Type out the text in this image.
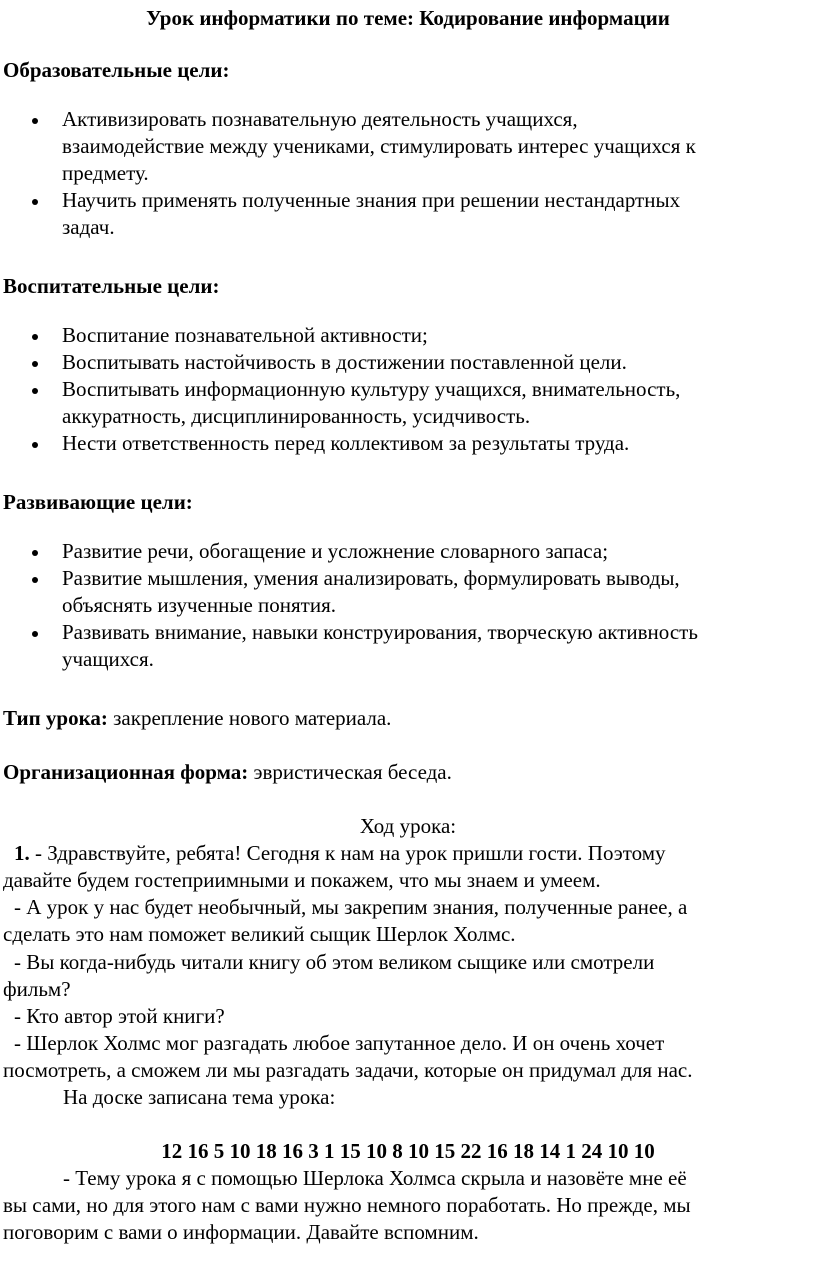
Урок информатики по теме: Кодирование информации
Образовательные цели:
Активизировать познавательную деятельность учащихся,
взаимодействие между учениками, стимулировать интерес учащихся к
предмету.
Научить применять полученные знания при решении нестандартных
задач.
Воспитательные цели:
Воспитание познавательной активности;
Воспитывать настойчивость в достижении поставленной цели.
Воспитывать информационную культуру учащихся, внимательность,
аккуратность, дисциплинированность, усидчивость.
Нести ответственность перед коллективом за результаты труда.
Развивающие цели:
Развитие речи, обогащение и усложнение словарного запаса;
Развитие мышления, умения анализировать, формулировать выводы,
объяснять изученные понятия.
Развивать внимание, навыки конструирования, творческую активность
учащихся.
Тип урока: закрепление нового материала.
Организационная форма: эвристическая беседа.
Ход урока:
1. - Здравствуйте, ребята! Сегодня к нам на урок пришли гости. Поэтому
давайте будем гостеприимными и покажем, что мы знаем и умеем.
- А урок у нас будет необычный, мы закрепим знания, полученные ранее, а
сделать это нам поможет великий сыщик Шерлок Холмс.
- Вы когда-нибудь читали книгу об этом великом сыщике или смотрели
фильм?
- Кто автор этой книги?
- Шерлок Холмс мог разгадать любое запутанное дело. И он очень хочет
посмотреть, а сможем ли мы разгадать задачи, которые он придумал для нас.
На доске записана тема урока:
12 16 5 10 18 16 3 1 15 10 8 10 15 22 16 18 14 1 24 10 10
- Тему урока я с помощью Шерлока Холмса скрыла и назовёте мне её
вы сами, но для этого нам с вами нужно немного поработать. Но прежде, мы
поговорим с вами о информации. Давайте вспомним.
